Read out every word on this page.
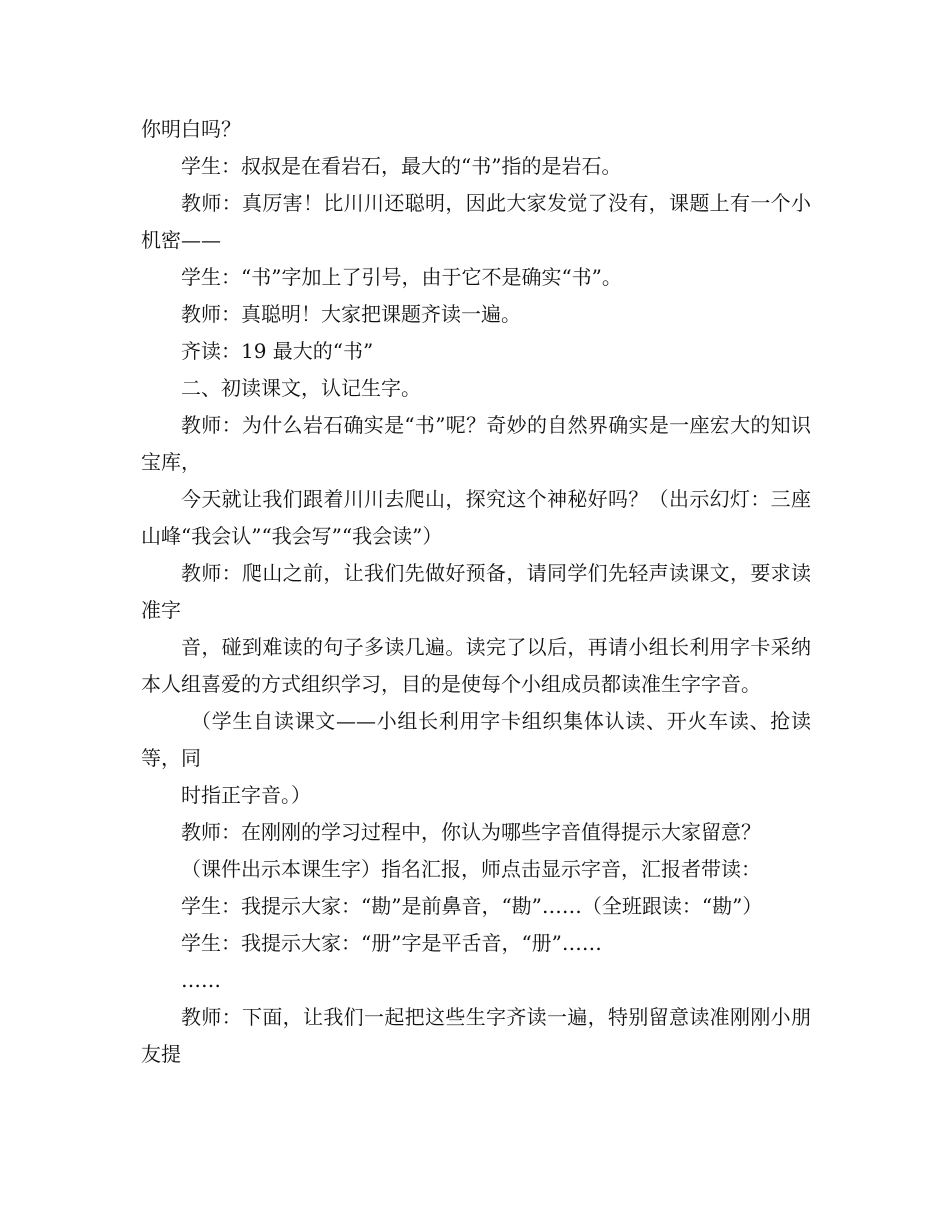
你明白吗？

学生：叔叔是在看岩石，最大的“书”指的是岩石。

教师：真厉害！比川川还聪明，因此大家发觉了没有，课题上有一个小机密——

学生：“书”字加上了引号，由于它不是确实“书”。

教师：真聪明！大家把课题齐读一遍。

齐读：19 最大的“书”

二、初读课文，认记生字。

教师：为什么岩石确实是“书”呢？奇妙的自然界确实是一座宏大的知识宝库，

今天就让我们跟着川川去爬山，探究这个神秘好吗？（出示幻灯：三座山峰“我会认”“我会写”“我会读”）

教师：爬山之前，让我们先做好预备，请同学们先轻声读课文，要求读准字

音，碰到难读的句子多读几遍。读完了以后，再请小组长利用字卡采纳本人组喜爱的方式组织学习，目的是使每个小组成员都读准生字字音。

（学生自读课文——小组长利用字卡组织集体认读、开火车读、抢读等，同

时指正字音。）

教师：在刚刚的学习过程中，你认为哪些字音值得提示大家留意？

（课件出示本课生字）指名汇报，师点击显示字音，汇报者带读：

学生：我提示大家：“勘”是前鼻音，“勘”……（全班跟读：“勘”）

学生：我提示大家：“册”字是平舌音，“册”……

……

教师：下面，让我们一起把这些生字齐读一遍，特别留意读准刚刚小朋友提
